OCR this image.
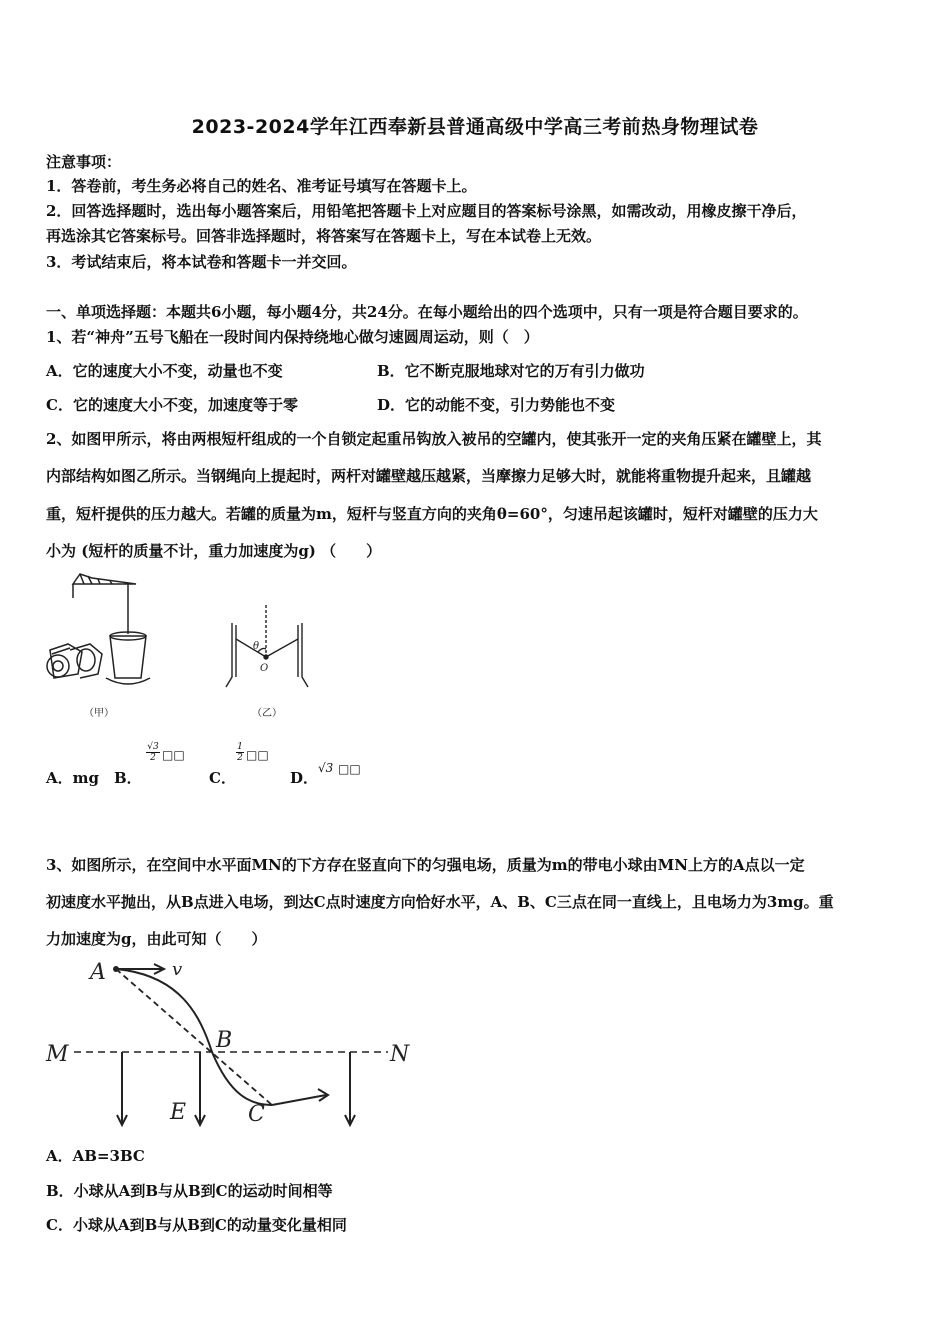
2023-2024学年江西奉新县普通高级中学高三考前热身物理试卷
注意事项：
1．答卷前，考生务必将自己的姓名、准考证号填写在答题卡上。
2．回答选择题时，选出每小题答案后，用铅笔把答题卡上对应题目的答案标号涂黑，如需改动，用橡皮擦干净后，
再选涂其它答案标号。回答非选择题时，将答案写在答题卡上，写在本试卷上无效。
3．考试结束后，将本试卷和答题卡一并交回。
一、单项选择题：本题共6小题，每小题4分，共24分。在每小题给出的四个选项中，只有一项是符合题目要求的。
1、若“神舟”五号飞船在一段时间内保持绕地心做匀速圆周运动，则（　）
A．它的速度大小不变，动量也不变	B．它不断克服地球对它的万有引力做功
C．它的速度大小不变，加速度等于零	D．它的动能不变，引力势能也不变
2、如图甲所示，将由两根短杆组成的一个自锁定起重吊钩放入被吊的空罐内，使其张开一定的夹角压紧在罐壁上，其
内部结构如图乙所示。当钢绳向上提起时，两杆对罐壁越压越紧，当摩擦力足够大时，就能将重物提升起来，且罐越
重，短杆提供的压力越大。若罐的质量为m，短杆与竖直方向的夹角θ=60°，匀速吊起该罐时，短杆对罐壁的压力大
小为 (短杆的质量不计，重力加速度为g) （　　）
（甲）
θ
O
（乙）
A．mg B．
√3
2 □□
C．
1
2 □□
D．
√3 □□
3、如图所示，在空间中水平面MN的下方存在竖直向下的匀强电场，质量为m的带电小球由MN上方的A点以一定
初速度水平抛出，从B点进入电场，到达C点时速度方向恰好水平，A、B、C三点在同一直线上，且电场力为3mg。重
力加速度为g，由此可知（　　）
A	v
B
M	N
E	C
A．AB=3BC
B．小球从A到B与从B到C的运动时间相等
C．小球从A到B与从B到C的动量变化量相同
